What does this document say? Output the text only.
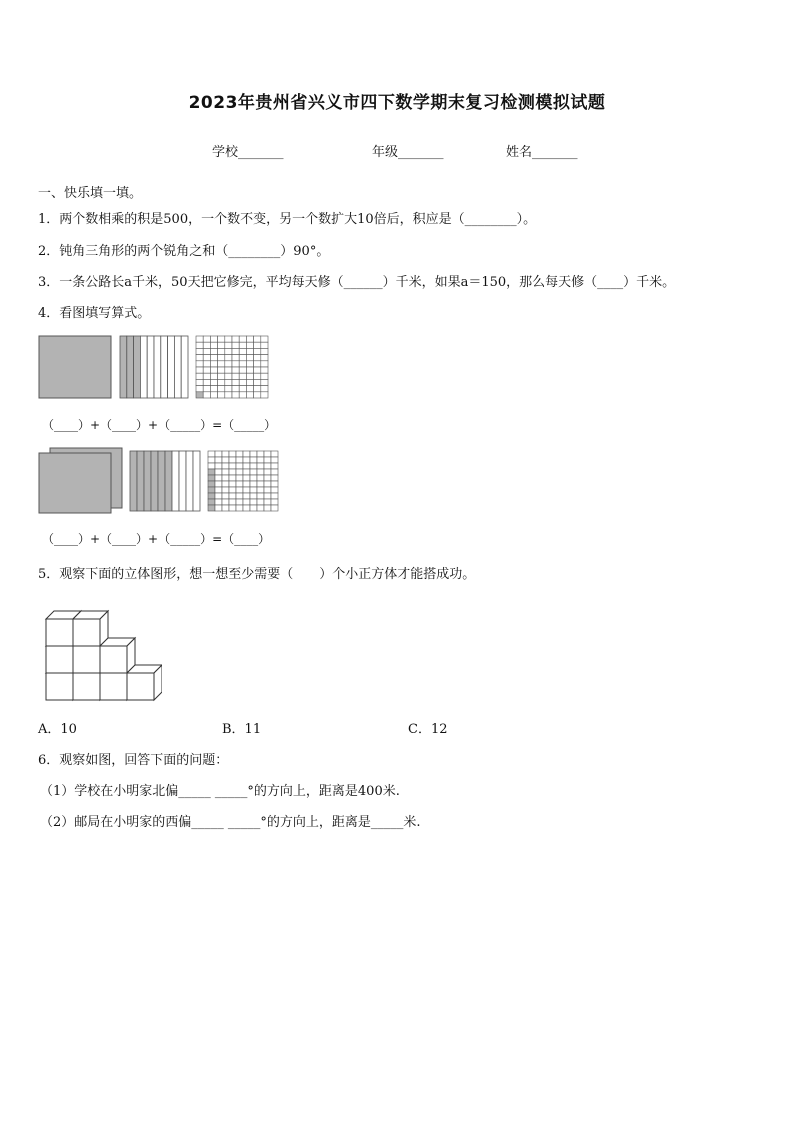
2023年贵州省兴义市四下数学期末复习检测模拟试题
学校_______	年级_______	姓名_______
一、快乐填一填。
1．两个数相乘的积是500，一个数不变，另一个数扩大10倍后，积应是（________）。
2．钝角三角形的两个锐角之和（________）90°。
3．一条公路长a千米，50天把它修完，平均每天修（______）千米，如果a＝150，那么每天修（____）千米。
4．看图填写算式。
（____）+（____）+（_____）=（_____）
（____）+（____）+（_____）=（____）
5．观察下面的立体图形，想一想至少需要（　　）个小正方体才能搭成功。
A．10	B．11	C．12
6．观察如图，回答下面的问题：
（1）学校在小明家北偏_____ _____°的方向上，距离是400米.
（2）邮局在小明家的西偏_____ _____°的方向上，距离是_____米.
